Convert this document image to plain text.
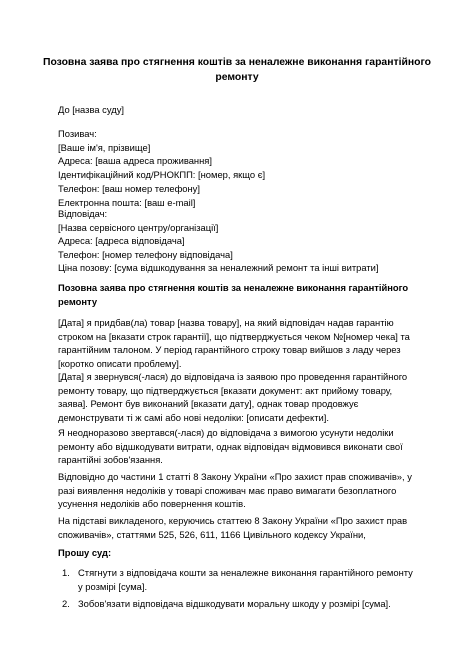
Позовна заява про стягнення коштів за неналежне виконання гарантійного ремонту

До [назва суду]

Позивач:
[Ваше ім'я, прізвище]
Адреса: [ваша адреса проживання]
Ідентифікаційний код/РНОКПП: [номер, якщо є]
Телефон: [ваш номер телефону]
Електронна пошта: [ваш e-mail]
Відповідач:
[Назва сервісного центру/організації]
Адреса: [адреса відповідача]
Телефон: [номер телефону відповідача]

Ціна позову: [сума відшкодування за неналежний ремонт та інші витрати]

Позовна заява про стягнення коштів за неналежне виконання гарантійного ремонту

[Дата] я придбав(ла) товар [назва товару], на який відповідач надав гарантію строком на [вказати строк гарантії], що підтверджується чеком №[номер чека] та гарантійним талоном. У період гарантійного строку товар вийшов з ладу через [коротко описати проблему].

[Дата] я звернувся(-лася) до відповідача із заявою про проведення гарантійного ремонту товару, що підтверджується [вказати документ: акт прийому товару, заява]. Ремонт був виконаний [вказати дату], однак товар продовжує демонструвати ті ж самі або нові недоліки: [описати дефекти].

Я неодноразово звертався(-лася) до відповідача з вимогою усунути недоліки ремонту або відшкодувати витрати, однак відповідач відмовився виконати свої гарантійні зобов'язання.

Відповідно до частини 1 статті 8 Закону України «Про захист прав споживачів», у разі виявлення недоліків у товарі споживач має право вимагати безоплатного усунення недоліків або повернення коштів.

На підставі викладеного, керуючись статтею 8 Закону України «Про захист прав споживачів», статтями 525, 526, 611, 1166 Цивільного кодексу України,

Прошу суд:

1. Стягнути з відповідача кошти за неналежне виконання гарантійного ремонту у розмірі [сума].
2. Зобов'язати відповідача відшкодувати моральну шкоду у розмірі [сума].
